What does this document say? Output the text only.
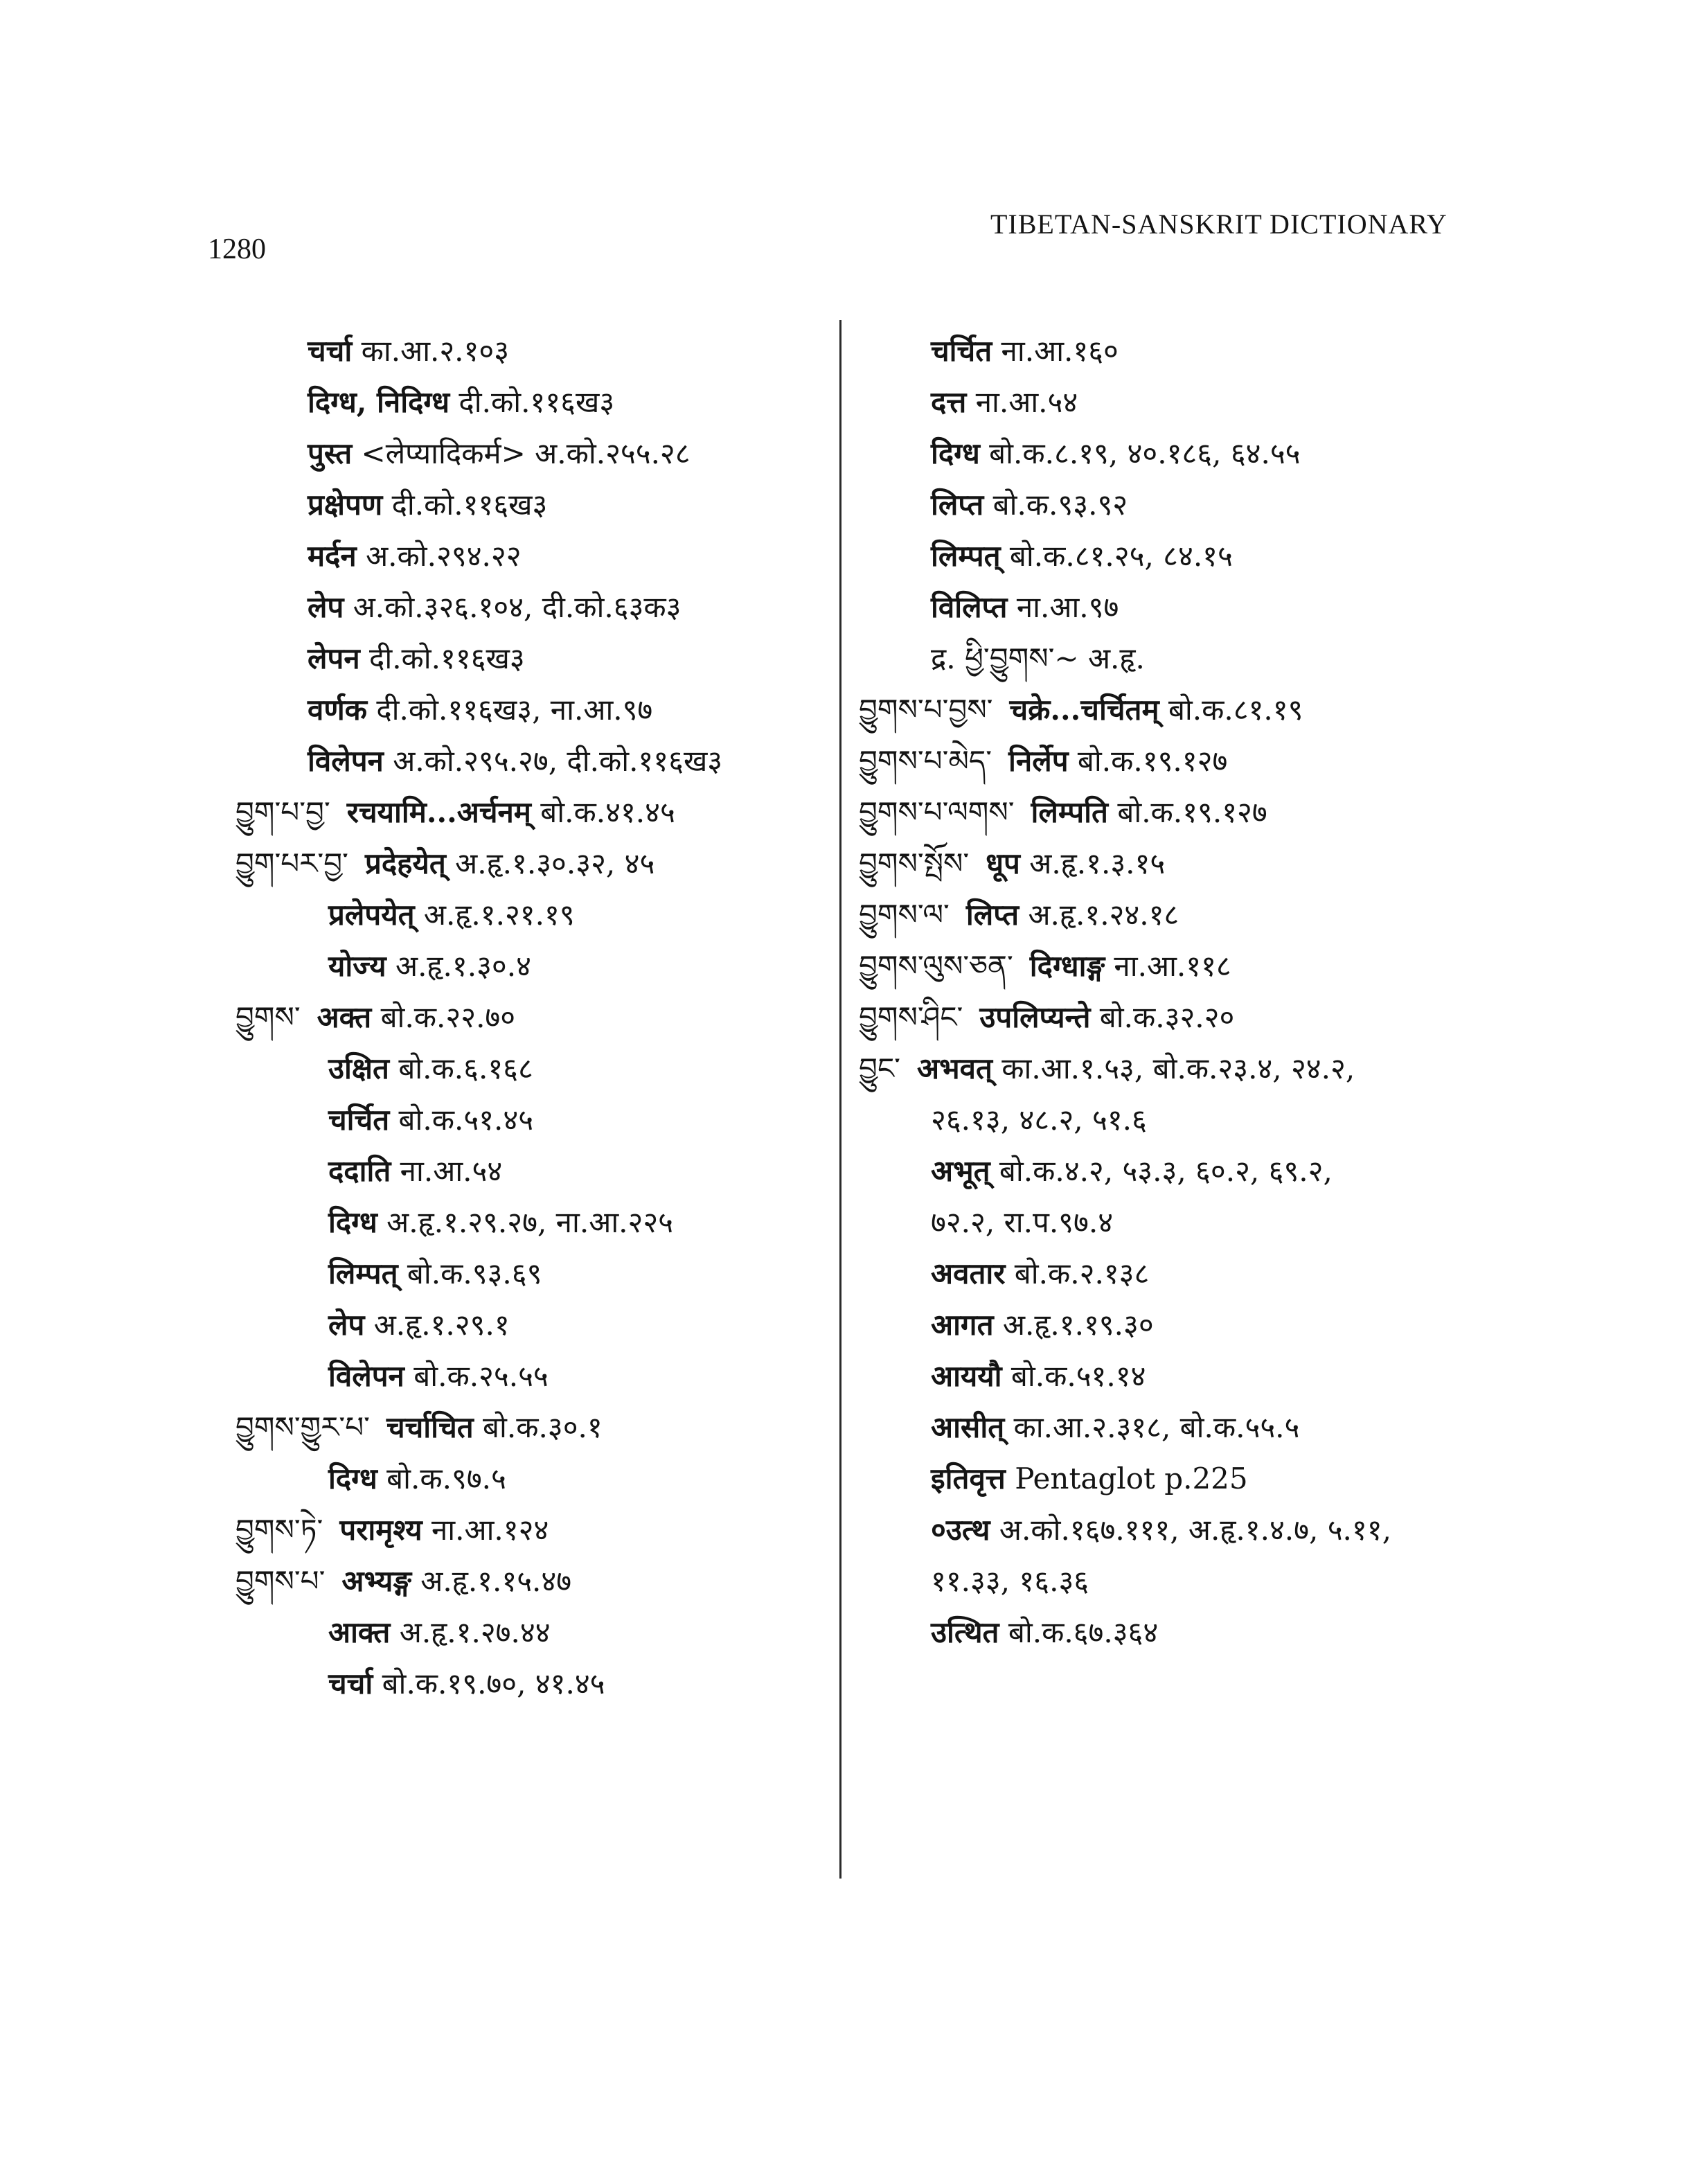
1280
TIBETAN-SANSKRIT DICTIONARY
चर्चा का.आ.२.१०३
दिग्ध, निदिग्ध दी.को.११६ख३
पुस्त <लेप्यादिकर्म> अ.को.२५५.२८
प्रक्षेपण दी.को.११६ख३
मर्दन अ.को.२९४.२२
लेप अ.को.३२६.१०४, दी.को.६३क३
लेपन दी.को.११६ख३
वर्णक दी.को.११६ख३, ना.आ.९७
विलेपन अ.को.२९५.२७, दी.को.११६ख३
བྱུག་པ་བྱ་ रचयामि...अर्चनम् बो.क.४१.४५
བྱུག་པར་བྱ་ प्रदेहयेत् अ.हृ.१.३०.३२, ४५
प्रलेपयेत् अ.हृ.१.२१.१९
योज्य अ.हृ.१.३०.४
བྱུགས་ अक्त बो.क.२२.७०
उक्षित बो.क.६.१६८
चर्चित बो.क.५१.४५
ददाति ना.आ.५४
दिग्ध अ.हृ.१.२९.२७, ना.आ.२२५
लिम्पत् बो.क.९३.६९
लेप अ.हृ.१.२९.१
विलेपन बो.क.२५.५५
བྱུགས་གྱུར་པ་ चर्चाचित बो.क.३०.१
दिग्ध बो.क.९७.५
བྱུགས་ཏེ་ परामृश्य ना.आ.१२४
བྱུགས་པ་ अभ्यङ्ग अ.हृ.१.१५.४७
आक्त अ.हृ.१.२७.४४
चर्चा बो.क.१९.७०, ४१.४५
चर्चित ना.आ.१६०
दत्त ना.आ.५४
दिग्ध बो.क.८.१९, ४०.१८६, ६४.५५
लिप्त बो.क.९३.९२
लिम्पत् बो.क.८१.२५, ८४.१५
विलिप्त ना.आ.९७
द्र. ཕྱི་བྱུགས་~ अ.हृ.
བྱུགས་པ་བྱས་ चक्रे...चर्चितम् बो.क.८१.१९
བྱུགས་པ་མེད་ निर्लेप बो.क.१९.१२७
བྱུགས་པ་ལགས་ लिम्पति बो.क.१९.१२७
བྱུགས་སྤོས་ धूप अ.हृ.१.३.१५
བྱུགས་ལ་ लिप्त अ.हृ.१.२४.१८
བྱུགས་ལུས་ཅན་ दिग्धाङ्ग ना.आ.११८
བྱུགས་ཤིང་ उपलिप्यन्ते बो.क.३२.२०
བྱུང་ अभवत् का.आ.१.५३, बो.क.२३.४, २४.२,
२६.१३, ४८.२, ५१.६
अभूत् बो.क.४.२, ५३.३, ६०.२, ६९.२,
७२.२, रा.प.९७.४
अवतार बो.क.२.१३८
आगत अ.हृ.१.१९.३०
आययौ बो.क.५१.१४
आसीत् का.आ.२.३१८, बो.क.५५.५
इतिवृत्त Pentaglot p.225
०उत्थ अ.को.१६७.१११, अ.हृ.१.४.७, ५.११,
११.३३, १६.३६
उत्थित बो.क.६७.३६४
